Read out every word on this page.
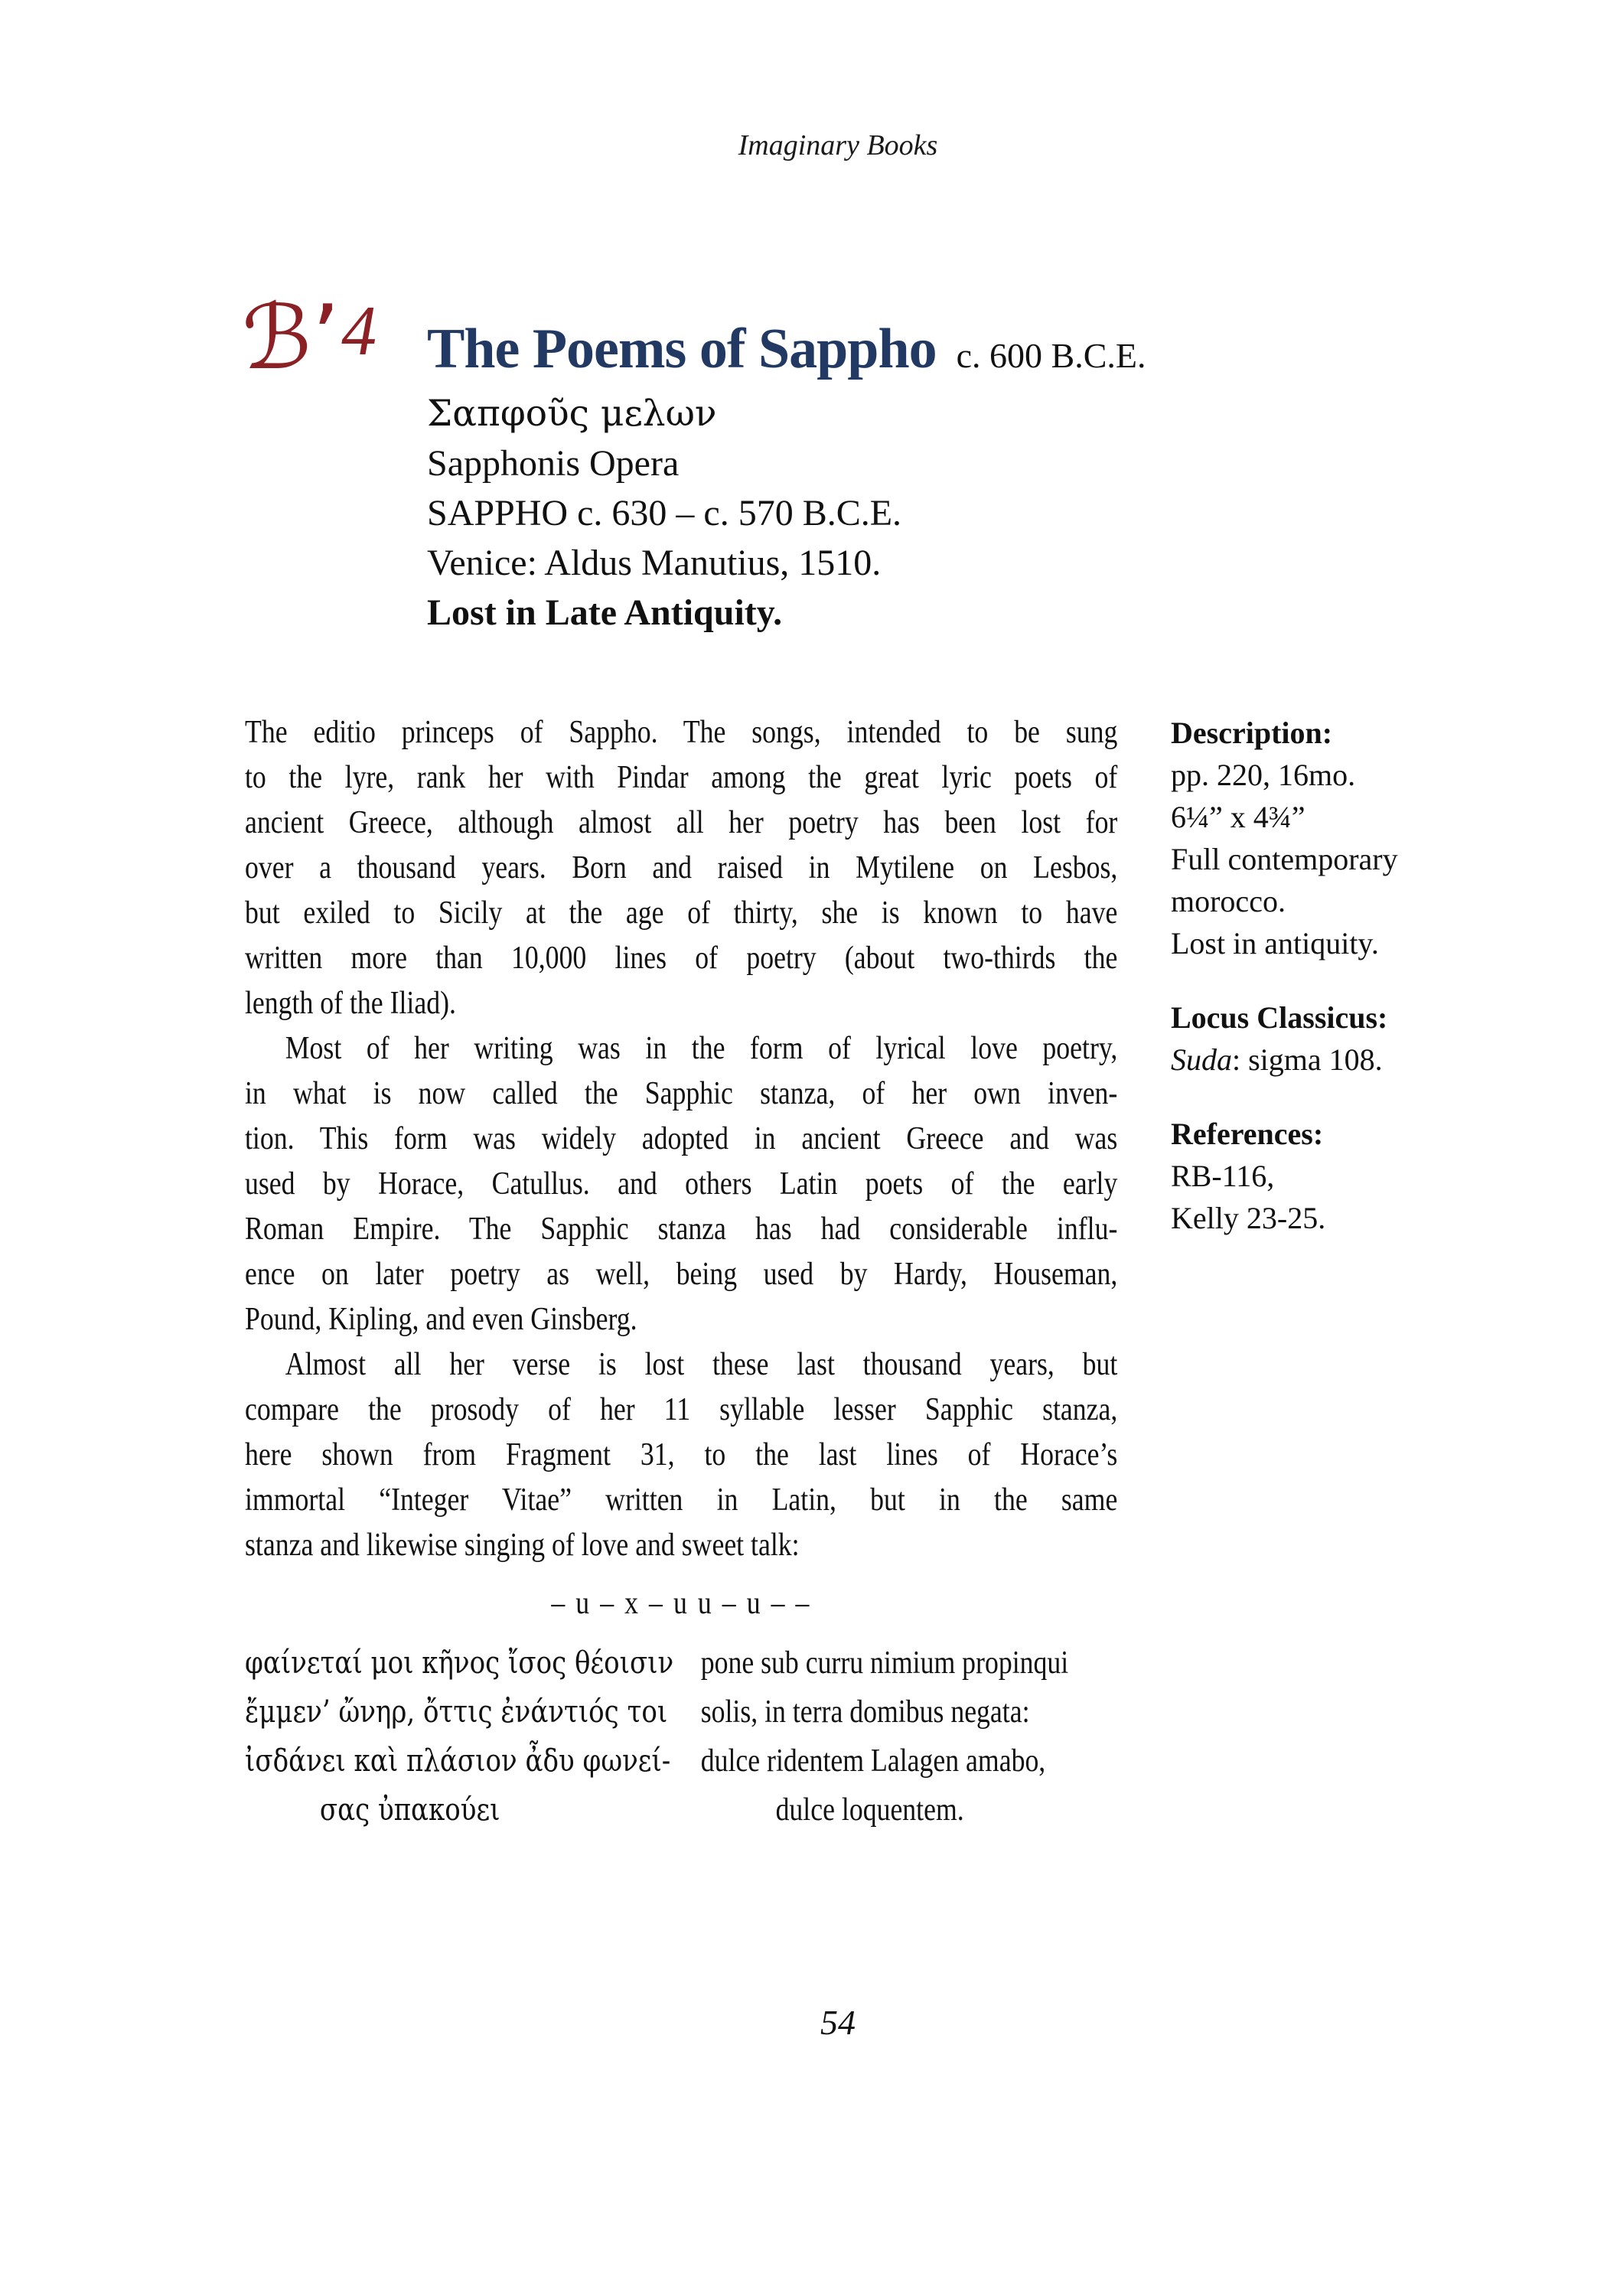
Imaginary Books
ℬ’ 4 The Poems of Sappho c. 600 B.C.E.
Σαπφοῦς μελων
Sapphonis Opera
SAPPHO c. 630 – c. 570 B.C.E.
Venice: Aldus Manutius, 1510.
Lost in Late Antiquity.
The editio princeps of Sappho. The songs, intended to be sung
to the lyre, rank her with Pindar among the great lyric poets of
ancient Greece, although almost all her poetry has been lost for
over a thousand years. Born and raised in Mytilene on Lesbos,
but exiled to Sicily at the age of thirty, she is known to have
written more than 10,000 lines of poetry (about two-thirds the
length of the Iliad).
Most of her writing was in the form of lyrical love poetry,
in what is now called the Sapphic stanza, of her own inven-
tion. This form was widely adopted in ancient Greece and was
used by Horace, Catullus. and others Latin poets of the early
Roman Empire. The Sapphic stanza has had considerable influ-
ence on later poetry as well, being used by Hardy, Houseman,
Pound, Kipling, and even Ginsberg.
Almost all her verse is lost these last thousand years, but
compare the prosody of her 11 syllable lesser Sapphic stanza,
here shown from Fragment 31, to the last lines of Horace’s
immortal “Integer Vitae” written in Latin, but in the same
stanza and likewise singing of love and sweet talk:
– u – x – u u – u – –
φαίνεταί μοι κῆνος ἴσος θέοισιν
ἔμμεν’ ὤνηρ, ὄττις ἐνάντιός τοι
ἰσδάνει καὶ πλάσιον ἆδυ φωνεί-
σας ὐπακούει
pone sub curru nimium propinqui
solis, in terra domibus negata:
dulce ridentem Lalagen amabo,
dulce loquentem.
Description:
pp. 220, 16mo.
6¼” x 4¾”
Full contemporary morocco.
Lost in antiquity.
Locus Classicus:
Suda: sigma 108.
References:
RB-116,
Kelly 23-25.
54
